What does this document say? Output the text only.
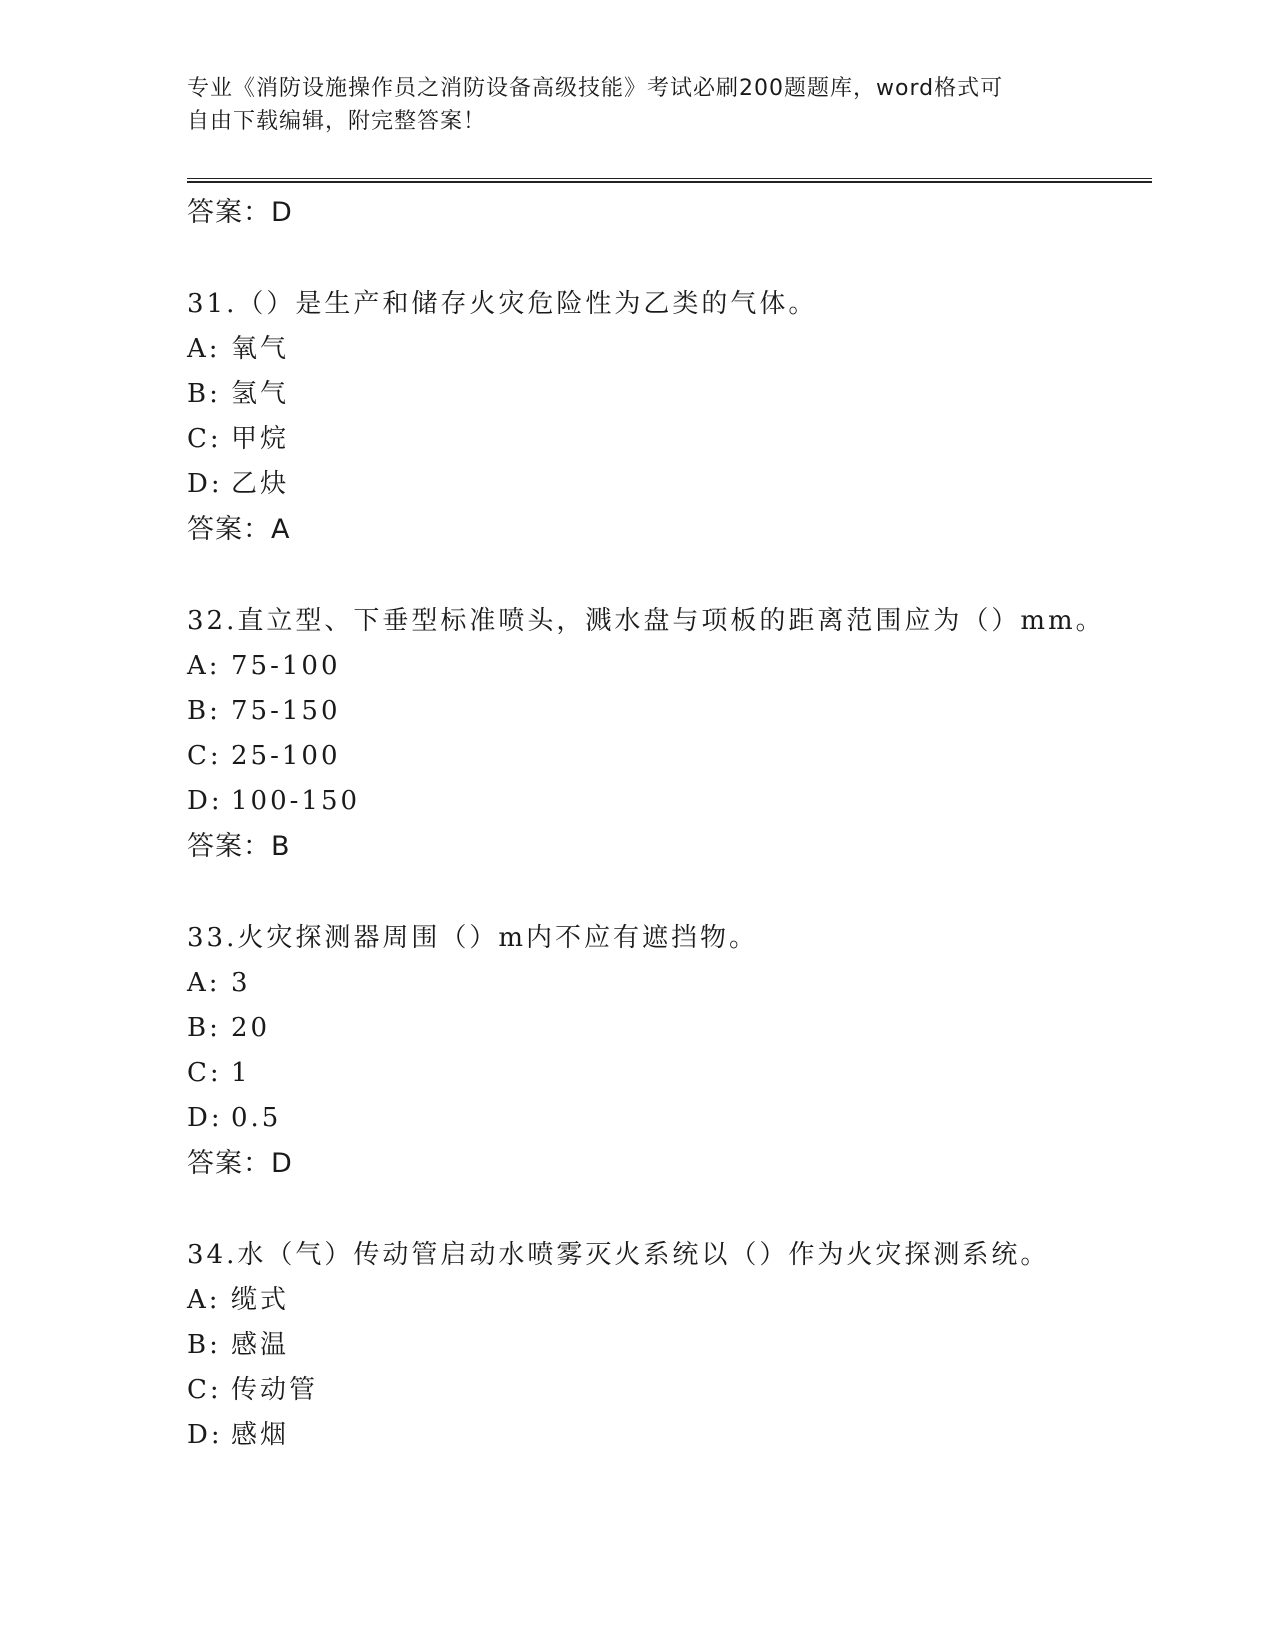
专业《消防设施操作员之消防设备高级技能》考试必刷200题题库，word格式可
自由下载编辑，附完整答案！
答案：D
31.（）是生产和储存火灾危险性为乙类的气体。
A: 氧气
B: 氢气
C: 甲烷
D: 乙炔
答案：A
32.直立型、下垂型标准喷头，溅水盘与项板的距离范围应为（）mm。
A: 75-100
B: 75-150
C: 25-100
D: 100-150
答案：B
33.火灾探测器周围（）m内不应有遮挡物。
A: 3
B: 20
C: 1
D: 0.5
答案：D
34.水（气）传动管启动水喷雾灭火系统以（）作为火灾探测系统。
A: 缆式
B: 感温
C: 传动管
D: 感烟
